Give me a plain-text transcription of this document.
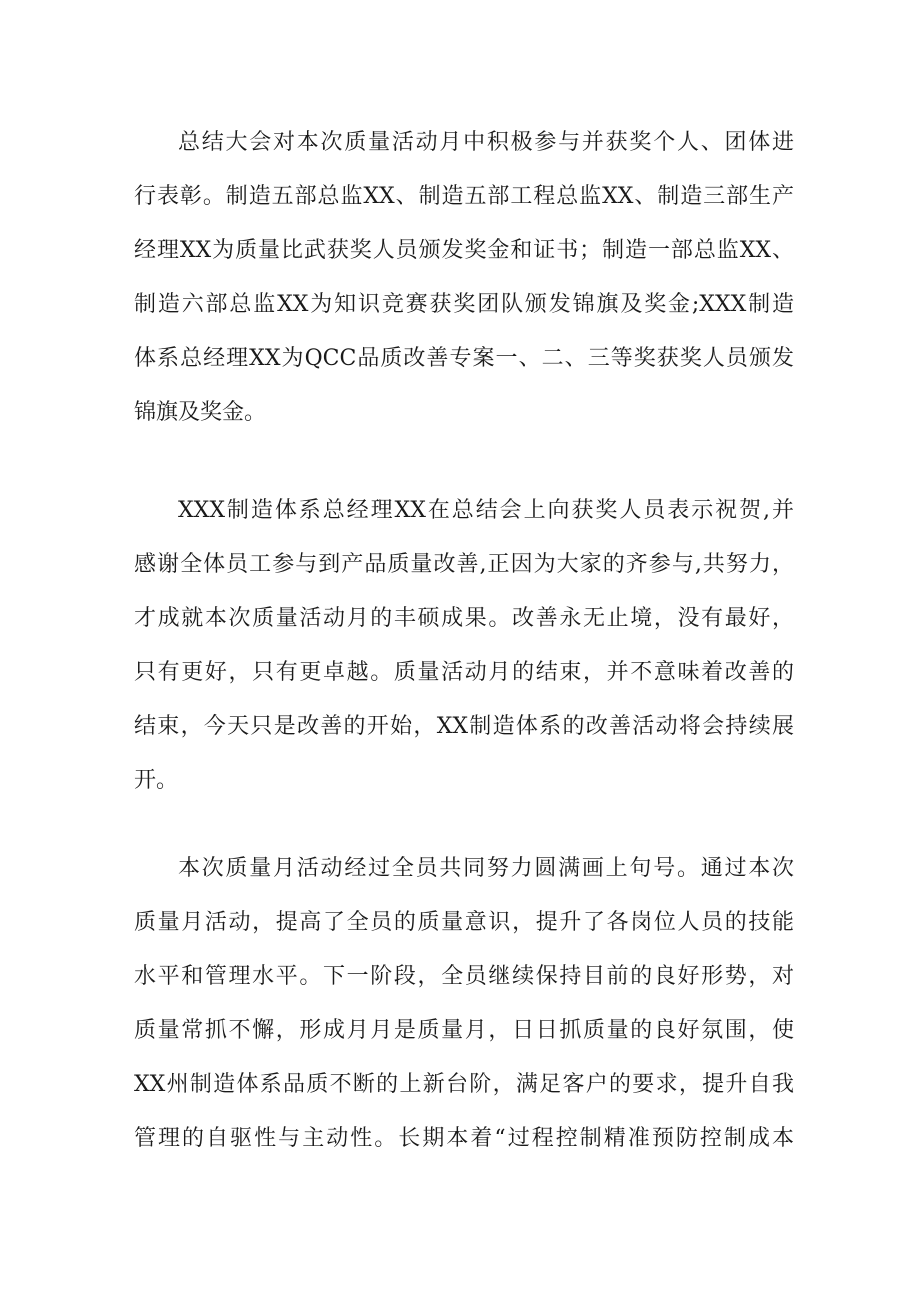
总结大会对本次质量活动月中积极参与并获奖个人、团体进
行表彰。制造五部总监XX、制造五部工程总监XX、制造三部生产
经理XX为质量比武获奖人员颁发奖金和证书；制造一部总监XX、
制造六部总监XX为知识竞赛获奖团队颁发锦旗及奖金;XXX制造
体系总经理XX为QCC品质改善专案一、二、三等奖获奖人员颁发
锦旗及奖金。
XXX制造体系总经理XX在总结会上向获奖人员表示祝贺,并
感谢全体员工参与到产品质量改善,正因为大家的齐参与,共努力，
才成就本次质量活动月的丰硕成果。改善永无止境，没有最好，
只有更好，只有更卓越。质量活动月的结束，并不意味着改善的
结束，今天只是改善的开始，XX制造体系的改善活动将会持续展
开。
本次质量月活动经过全员共同努力圆满画上句号。通过本次
质量月活动，提高了全员的质量意识，提升了各岗位人员的技能
水平和管理水平。下一阶段，全员继续保持目前的良好形势，对
质量常抓不懈，形成月月是质量月，日日抓质量的良好氛围，使
XX州制造体系品质不断的上新台阶，满足客户的要求，提升自我
管理的自驱性与主动性。长期本着“过程控制精准预防控制成本
